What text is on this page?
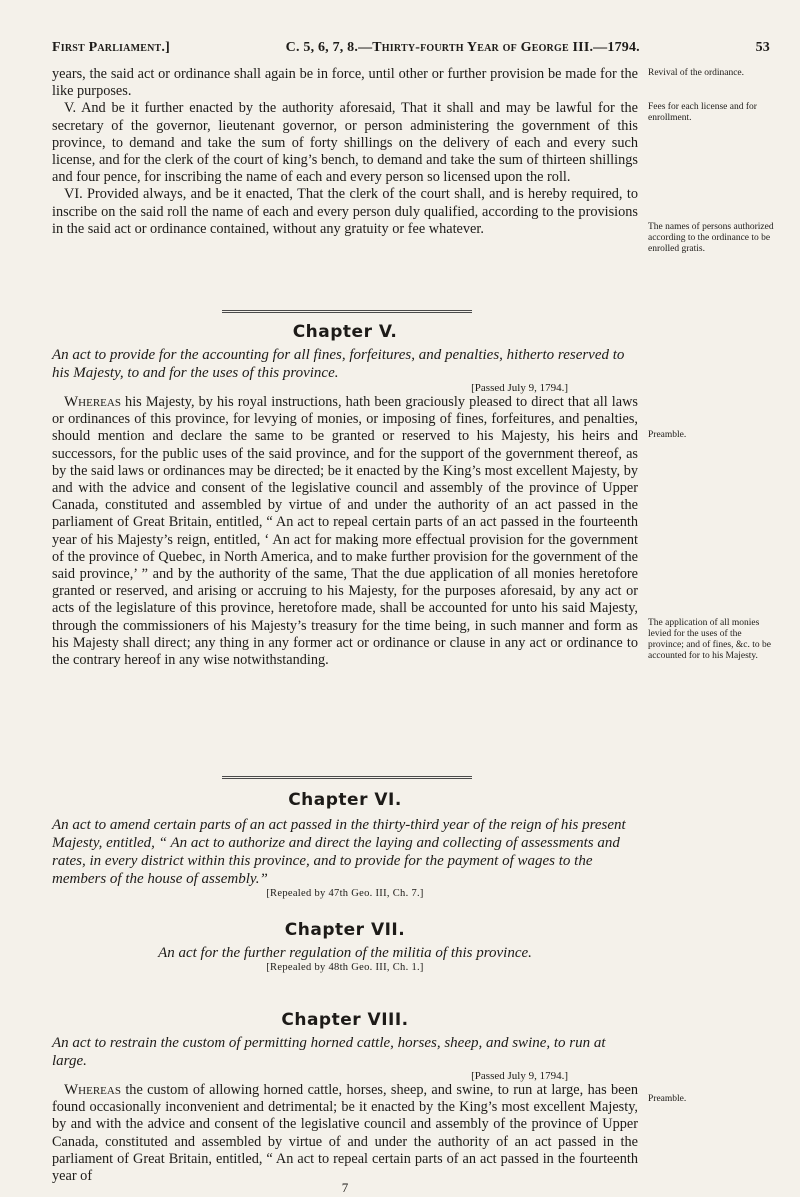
First Parliament.]	C. 5, 6, 7, 8.—Thirty-fourth Year of George III.—1794.	53

years, the said act or ordinance shall again be in force, until other or further provision be made for the like purposes.

V. And be it further enacted by the authority aforesaid, That it shall and may be lawful for the secretary of the governor, lieutenant governor, or person administering the government of this province, to demand and take the sum of forty shillings on the delivery of each and every such license, and for the clerk of the court of king’s bench, to demand and take the sum of thirteen shillings and four pence, for inscribing the name of each and every person so licensed upon the roll.

VI. Provided always, and be it enacted, That the clerk of the court shall, and is hereby required, to inscribe on the said roll the name of each and every person duly qualified, according to the provisions in the said act or ordinance contained, without any gratuity or fee whatever.

Revival of the ordinance.
Fees for each license and for enrollment.
The names of persons authorized according to the ordinance to be enrolled gratis.
Chapter V.

An act to provide for the accounting for all fines, forfeitures, and penalties, hitherto reserved to his Majesty, to and for the uses of this province.

[Passed July 9, 1794.]

Whereas his Majesty, by his royal instructions, hath been graciously pleased to direct that all laws or ordinances of this province, for levying of monies, or imposing of fines, forfeitures, and penalties, should mention and declare the same to be granted or reserved to his Majesty, his heirs and successors, for the public uses of the said province, and for the support of the government thereof, as by the said laws or ordinances may be directed; be it enacted by the King’s most excellent Majesty, by and with the advice and consent of the legislative council and assembly of the province of Upper Canada, constituted and assembled by virtue of and under the authority of an act passed in the parliament of Great Britain, entitled, “ An act to repeal certain parts of an act passed in the fourteenth year of his Majesty’s reign, entitled, ‘ An act for making more effectual provision for the government of the province of Quebec, in North America, and to make further provision for the government of the said province,’ ” and by the authority of the same, That the due application of all monies heretofore granted or reserved, and arising or accruing to his Majesty, for the purposes aforesaid, by any act or acts of the legislature of this province, heretofore made, shall be accounted for unto his said Majesty, through the commissioners of his Majesty’s treasury for the time being, in such manner and form as his Majesty shall direct; any thing in any former act or ordinance or clause in any act or ordinance to the contrary hereof in any wise notwithstanding.

Preamble.
The application of all monies levied for the uses of the province; and of fines, &c. to be accounted for to his Majesty.
Chapter VI.

An act to amend certain parts of an act passed in the thirty-third year of the reign of his present Majesty, entitled, “ An act to authorize and direct the laying and collecting of assessments and rates, in every district within this province, and to provide for the payment of wages to the members of the house of assembly.”

[Repealed by 47th Geo. III, Ch. 7.]

Chapter VII.

An act for the further regulation of the militia of this province.

[Repealed by 48th Geo. III, Ch. 1.]

Chapter VIII.

An act to restrain the custom of permitting horned cattle, horses, sheep, and swine, to run at large.

[Passed July 9, 1794.]

Whereas the custom of allowing horned cattle, horses, sheep, and swine, to run at large, has been found occasionally inconvenient and detrimental; be it enacted by the King’s most excellent Majesty, by and with the advice and consent of the legislative council and assembly of the province of Upper Canada, constituted and assembled by virtue of and under the authority of an act passed in the parliament of Great Britain, entitled, “ An act to repeal certain parts of an act passed in the fourteenth year of

Preamble.
7
